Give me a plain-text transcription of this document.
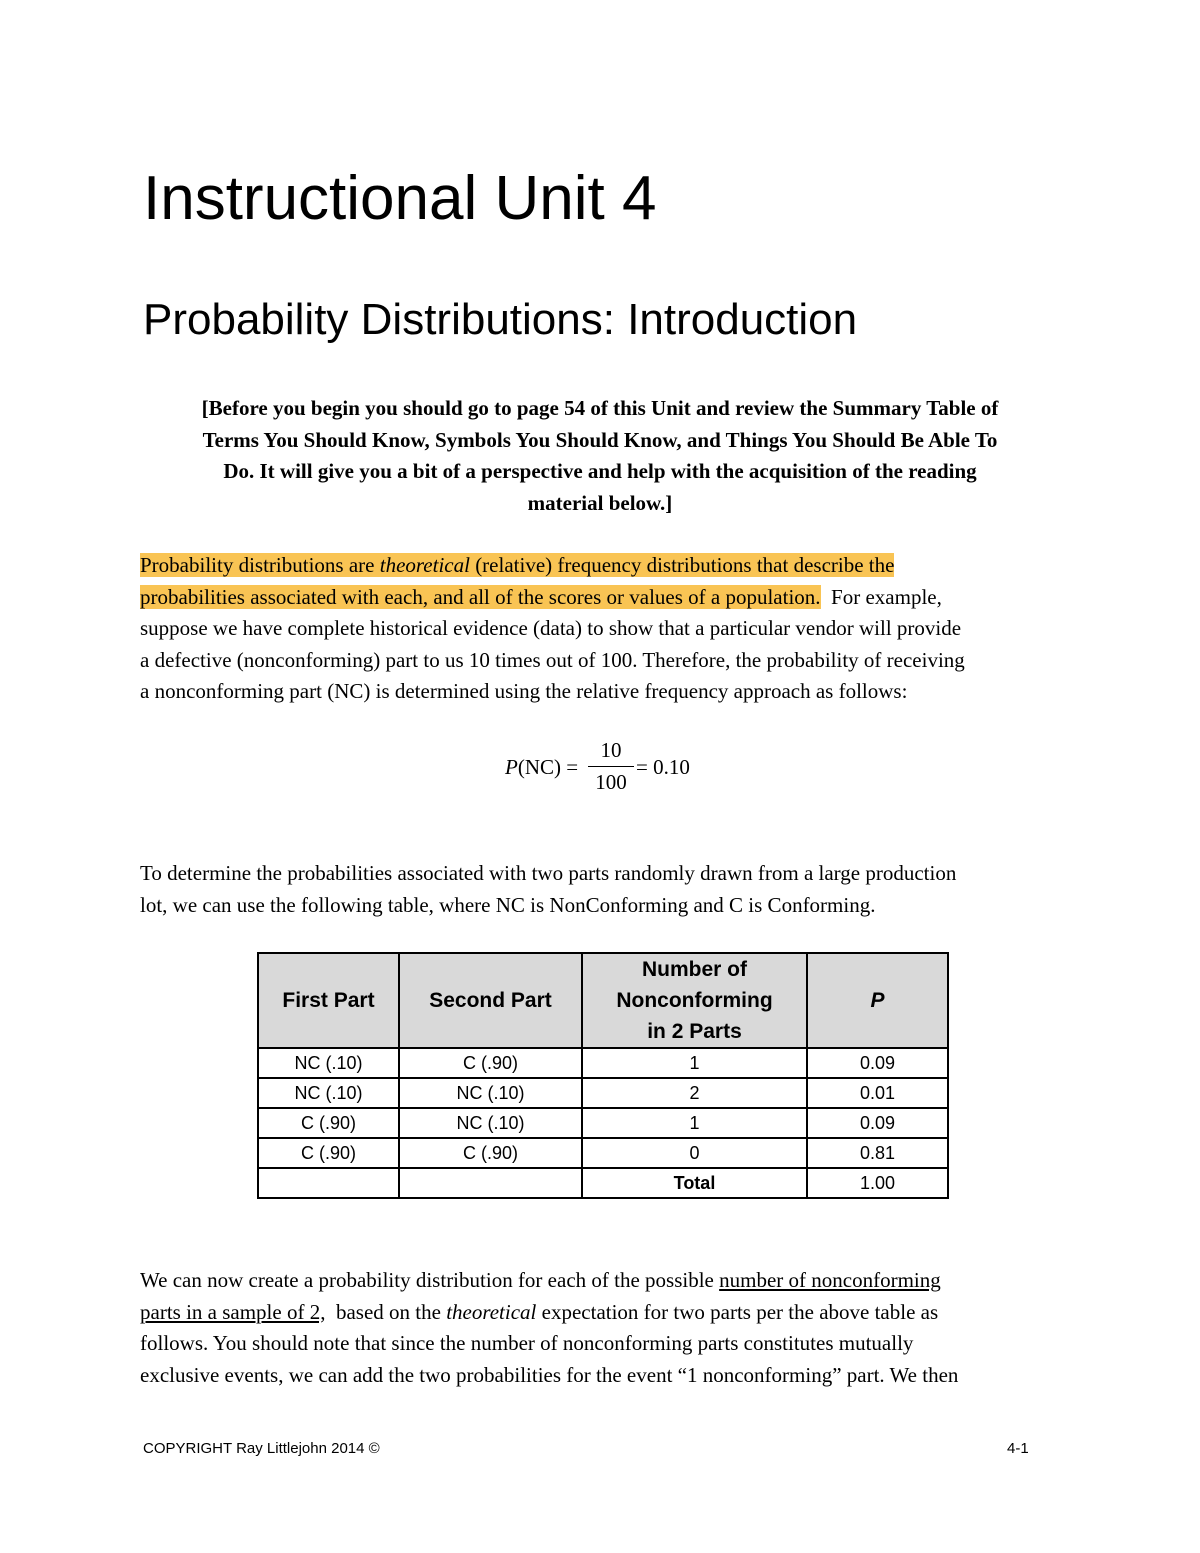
Instructional Unit 4
Probability Distributions: Introduction

[Before you begin you should go to page 54 of this Unit and review the Summary Table of
Terms You Should Know, Symbols You Should Know, and Things You Should Be Able To
Do. It will give you a bit of a perspective and help with the acquisition of the reading
material below.]

Probability distributions are theoretical (relative) frequency distributions that describe the
probabilities associated with each, and all of the scores or values of a population.  For example,
suppose we have complete historical evidence (data) to show that a particular vendor will provide
a defective (nonconforming) part to us 10 times out of 100. Therefore, the probability of receiving
a nonconforming part (NC) is determined using the relative frequency approach as follows:

P(NC) =
10
100
= 0.10

To determine the probabilities associated with two parts randomly drawn from a large production
lot, we can use the following table, where NC is NonConforming and C is Conforming.

First Part	Second Part	Number of
Nonconforming
in 2 Parts	P
NC (.10)	C (.90)	1	0.09
NC (.10)	NC (.10)	2	0.01
C (.90)	NC (.10)	1	0.09
C (.90)	C (.90)	0	0.81
		Total	1.00

We can now create a probability distribution for each of the possible number of nonconforming
parts in a sample of 2,  based on the theoretical expectation for two parts per the above table as
follows. You should note that since the number of nonconforming parts constitutes mutually
exclusive events, we can add the two probabilities for the event “1 nonconforming” part. We then

COPYRIGHT Ray Littlejohn 2014 ©	4-1
